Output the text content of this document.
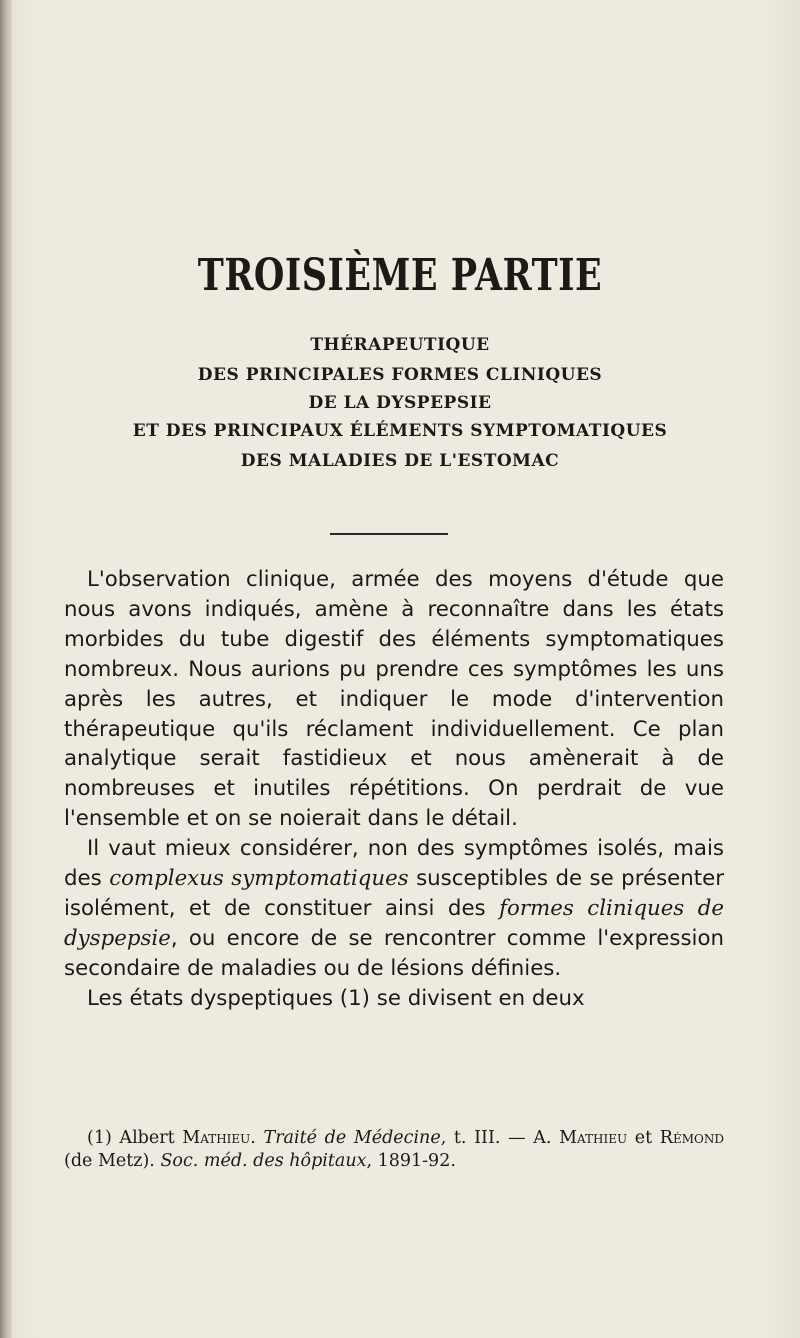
TROISIÈME PARTIE
THÉRAPEUTIQUE
DES PRINCIPALES FORMES CLINIQUES
DE LA DYSPEPSIE
ET DES PRINCIPAUX ÉLÉMENTS SYMPTOMATIQUES
DES MALADIES DE L'ESTOMAC

L'observation clinique, armée des moyens d'étude que nous avons indiqués, amène à reconnaître dans les états morbides du tube digestif des éléments symptomatiques nombreux. Nous aurions pu prendre ces symptômes les uns après les autres, et indiquer le mode d'intervention thérapeutique qu'ils réclament individuellement. Ce plan analytique serait fastidieux et nous amènerait à de nombreuses et inutiles répétitions. On perdrait de vue l'ensemble et on se noierait dans le détail.

Il vaut mieux considérer, non des symptômes isolés, mais des complexus symptomatiques susceptibles de se présenter isolément, et de constituer ainsi des formes cliniques de dyspepsie, ou encore de se rencontrer comme l'expression secondaire de maladies ou de lésions définies.

Les états dyspeptiques (1) se divisent en deux

(1) Albert Mathieu. Traité de Médecine, t. III. — A. Mathieu et Rémond (de Metz). Soc. méd. des hôpitaux, 1891-92.
